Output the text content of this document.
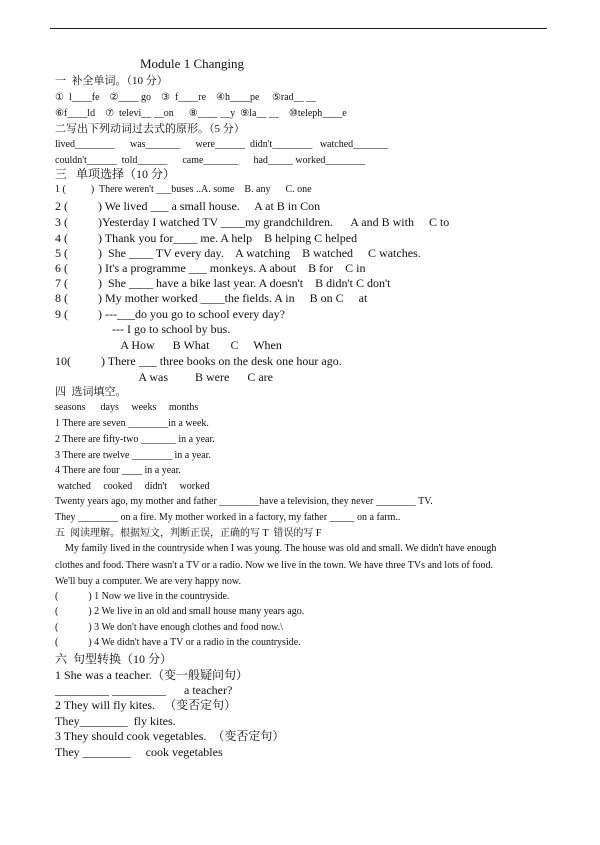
Module 1 Changing
一  补全单词。（10 分）
①  l____fe    ②____ go    ③  f____re    ④h____pe     ⑤rad__ __
⑥f____ld    ⑦  televi__ __on      ⑧____ __y  ⑨la__ __    ⑩teleph____e
二写出下列动词过去式的原形。（5 分）
lived________      was_______      were______  didn't________   watched_______
couldn't______  told______      came_______      had_____ worked________
三   单项选择（10 分）
1 (          )  There weren't ___buses ..A. some    B. any      C. one
2 (          ) We lived ___ a small house.     A at B in Con
3 (          )Yesterday I watched TV ____my grandchildren.      A and B with     C to
4 (          ) Thank you for____ me. A help    B helping C helped
5 (          )  She ____ TV every day.    A watching    B watched     C watches.
6 (          ) It's a programme ___ monkeys. A about    B for    C in
7 (          )  She ____ have a bike last year. A doesn't    B didn't C don't
8 (          ) My mother worked ____the fields. A in     B on C     at
9 (          ) ---___do you go to school every day?
--- I go to school by bus.
A How      B What       C     When
10(          ) There ___ three books on the desk one hour ago.
A was         B were      C are
四  选词填空。
seasons      days     weeks     months
1 There are seven ________in a week.
2 There are fifty-two _______ in a year.
3 There are twelve ________ in a year.
4 There are four ____ in a year.
watched     cooked     didn't     worked
Twenty years ago, my mother and father ________have a television, they never ________ TV.
They ________ on a fire. My mother worked in a factory, my father _____ on a farm..
五  阅读理解。根据短文，判断正误，正确的写 T  错误的写 F
My family lived in the countryside when I was young. The house was old and small. We didn't have enough
clothes and food. There wasn't a TV or a radio. Now we live in the town. We have three TVs and lots of food.
We'll buy a computer. We are very happy now.
(            ) 1 Now we live in the countryside.
(            ) 2 We live in an old and small house many years ago.
(            ) 3 We don't have enough clothes and food now.\
(            ) 4 We didn't have a TV or a radio in the countryside.
六  句型转换（10 分）
1 She was a teacher.（变一般疑问句）
_________ _________      a teacher?
2 They will fly kites.   （变否定句）
They________  fly kites.
3 They should cook vegetables.  （变否定句）
They ________     cook vegetables
